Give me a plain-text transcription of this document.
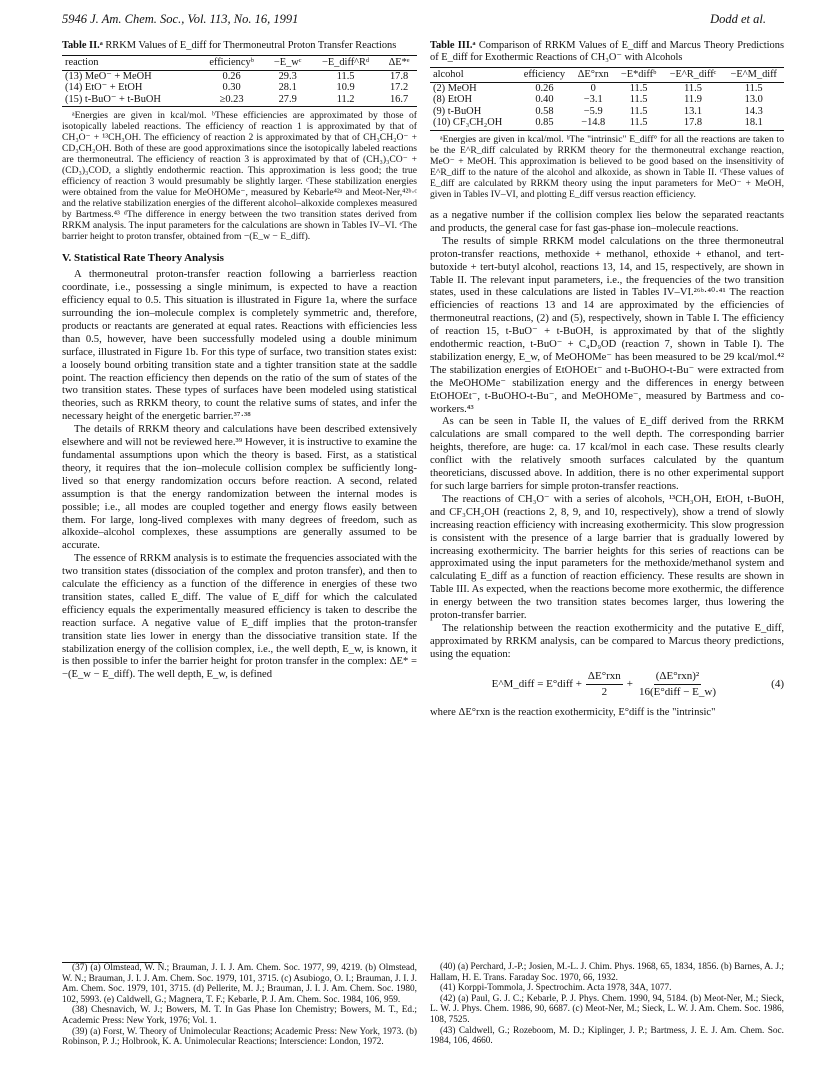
5946 J. Am. Chem. Soc., Vol. 113, No. 16, 1991	Dodd et al.
Table II.ᵃ RRKM Values of E_diff for Thermoneutral Proton Transfer Reactions
reaction	efficiencyᵇ	−E_wᶜ	−E_diff^Rᵈ	ΔE*ᵉ
(13) MeO⁻ + MeOH	0.26	29.3	11.5	17.8
(14) EtO⁻ + EtOH	0.30	28.1	10.9	17.2
(15) t-BuO⁻ + t-BuOH	≥0.23	27.9	11.2	16.7

ᵃEnergies are given in kcal/mol. ᵇThese efficiencies are approximated by those of isotopically labeled reactions. The efficiency of reaction 1 is approximated by that of CH₃O⁻ + ¹³CH₃OH. The efficiency of reaction 2 is approximated by that of CH₃CH₂O⁻ + CD₃CH₂OH. Both of these are good approximations since the isotopically labeled reactions are thermoneutral. The efficiency of reaction 3 is approximated by that of (CH₃)₃CO⁻ + (CD₃)₃COD, a slightly endothermic reaction. This approximation is less good; the true efficiency of reaction 3 would presumably be slightly larger. ᶜThese stabilization energies were obtained from the value for MeOHOMe⁻, measured by Kebarle⁴²ᵃ and Meot-Ner,⁴²ᵇ·ᶜ and the relative stabilization energies of the different alcohol–alkoxide complexes measured by Bartmess.⁴³ ᵈThe difference in energy between the two transition states derived from RRKM analysis. The input parameters for the calculations are shown in Tables IV–VI. ᵉThe barrier height to proton transfer, obtained from −(E_w − E_diff).

V. Statistical Rate Theory Analysis

A thermoneutral proton-transfer reaction following a barrierless reaction coordinate, i.e., possessing a single minimum, is expected to have a reaction efficiency equal to 0.5. This situation is illustrated in Figure 1a, where the surface surrounding the ion–molecule complex is completely symmetric and, therefore, products or reactants are generated at equal rates. Reactions with efficiencies less than 0.5, however, have been successfully modeled using a double minimum surface, illustrated in Figure 1b. For this type of surface, two transition states exist: a loosely bound orbiting transition state and a tighter transition state at the saddle point. The reaction efficiency then depends on the ratio of the sum of states of the two transition states. These types of surfaces have been modeled using statistical theories, such as RRKM theory, to count the relative sums of states, and infer the necessary height of the energetic barrier.³⁷·³⁸

The details of RRKM theory and calculations have been described extensively elsewhere and will not be reviewed here.³⁹ However, it is instructive to examine the fundamental assumptions upon which the theory is based. First, as a statistical theory, it requires that the ion–molecule collision complex be sufficiently long-lived so that energy randomization occurs before reaction. A second, related assumption is that the energy randomization between the internal modes is possible; i.e., all modes are coupled together and energy flows easily between them. For large, long-lived complexes with many degrees of freedom, such as alkoxide–alcohol complexes, these assumptions are generally assumed to be accurate.

The essence of RRKM analysis is to estimate the frequencies associated with the two transition states (dissociation of the complex and proton transfer), and then to calculate the efficiency as a function of the difference in energies of these two transition states, called E_diff. The value of E_diff for which the calculated efficiency equals the experimentally measured efficiency is taken to describe the reaction surface. A negative value of E_diff implies that the proton-transfer transition state lies lower in energy than the dissociative transition state. If the stabilization energy of the collision complex, i.e., the well depth, E_w, is known, it is then possible to infer the barrier height for proton transfer in the complex: ΔE* = −(E_w − E_diff). The well depth, E_w, is defined

Table III.ᵃ Comparison of RRKM Values of E_diff and Marcus Theory Predictions of E_diff for Exothermic Reactions of CH₃O⁻ with Alcohols
alcohol	efficiency	ΔE°rxn	−E*diffᵇ	−E^R_diffᶜ	−E^M_diff
(2) MeOH	0.26	0	11.5	11.5	11.5
(8) EtOH	0.40	−3.1	11.5	11.9	13.0
(9) t-BuOH	0.58	−5.9	11.5	13.1	14.3
(10) CF₃CH₂OH	0.85	−14.8	11.5	17.8	18.1

ᵃEnergies are given in kcal/mol. ᵇThe "intrinsic" E_diff° for all the reactions are taken to be the E^R_diff calculated by RRKM theory for the thermoneutral exchange reaction, MeO⁻ + MeOH. This approximation is believed to be good based on the insensitivity of E^R_diff to the nature of the alcohol and alkoxide, as shown in Table II. ᶜThese values of E_diff are calculated by RRKM theory using the input parameters for MeO⁻ + MeOH, given in Tables IV–VI, and plotting E_diff versus reaction efficiency.

as a negative number if the collision complex lies below the separated reactants and products, the general case for fast gas-phase ion–molecule reactions.

The results of simple RRKM model calculations on the three thermoneutral proton-transfer reactions, methoxide + methanol, ethoxide + ethanol, and tert-butoxide + tert-butyl alcohol, reactions 13, 14, and 15, respectively, are shown in Table II. The relevant input parameters, i.e., the frequencies of the two transition states, used in these calculations are listed in Tables IV–VI.²⁶ᵇ·⁴⁰·⁴¹ The reaction efficiencies of reactions 13 and 14 are approximated by the efficiencies of thermoneutral reactions, (2) and (5), respectively, shown in Table I. The efficiency of reaction 15, t-BuO⁻ + t-BuOH, is approximated by that of the slightly endothermic reaction, t-BuO⁻ + C₄D₉OD (reaction 7, shown in Table I). The stabilization energy, E_w, of MeOHOMe⁻ has been measured to be 29 kcal/mol.⁴² The stabilization energies of EtOHOEt⁻ and t-BuOHO-t-Bu⁻ were extracted from the MeOHOMe⁻ stabilization energy and the differences in energy between EtOHOEt⁻, t-BuOHO-t-Bu⁻, and MeOHOMe⁻, measured by Bartmess and co-workers.⁴³

As can be seen in Table II, the values of E_diff derived from the RRKM calculations are small compared to the well depth. The corresponding barrier heights, therefore, are huge: ca. 17 kcal/mol in each case. These results clearly conflict with the relatively smooth surfaces calculated by the quantum theoreticians, discussed above. In addition, there is no other experimental support for such large barriers for simple proton-transfer reactions.

The reactions of CH₃O⁻ with a series of alcohols, ¹³CH₃OH, EtOH, t-BuOH, and CF₃CH₂OH (reactions 2, 8, 9, and 10, respectively), show a trend of slowly increasing reaction efficiency with increasing exothermicity. This slow progression is consistent with the presence of a large barrier that is gradually lowered by increasing exothermicity. The barrier heights for this series of reactions can be approximated using the input parameters for the methoxide/methanol system and calculating E_diff as a function of reaction efficiency. These results are shown in Table III. As expected, when the reactions become more exothermic, the difference in energy between the two transition states becomes larger, thus lowering the proton-transfer barrier.

The relationship between the reaction exothermicity and the putative E_diff, approximated by RRKM analysis, can be compared to Marcus theory predictions, using the equation:

E^M_diff = E°diff + $\frac{\text{ΔE°rxn}}{2} + \frac{\text{(ΔE°rxn)²}}{\text{16(E°diff − E\_w)}}$	(4)

where ΔE°rxn is the reaction exothermicity, E°diff is the "intrinsic"

(37) (a) Olmstead, W. N.; Brauman, J. I. J. Am. Chem. Soc. 1977, 99, 4219. (b) Olmstead, W. N.; Brauman, J. I. J. Am. Chem. Soc. 1979, 101, 3715. (c) Asubiogo, O. I.; Brauman, J. I. J. Am. Chem. Soc. 1979, 101, 3715. (d) Pellerite, M. J.; Brauman, J. I. J. Am. Chem. Soc. 1980, 102, 5993. (e) Caldwell, G.; Magnera, T. F.; Kebarle, P. J. Am. Chem. Soc. 1984, 106, 959.

(38) Chesnavich, W. J.; Bowers, M. T. In Gas Phase Ion Chemistry; Bowers, M. T., Ed.; Academic Press: New York, 1976; Vol. 1.

(39) (a) Forst, W. Theory of Unimolecular Reactions; Academic Press: New York, 1973. (b) Robinson, P. J.; Holbrook, K. A. Unimolecular Reactions; Interscience: London, 1972.

(40) (a) Perchard, J.-P.; Josien, M.-L. J. Chim. Phys. 1968, 65, 1834, 1856. (b) Barnes, A. J.; Hallam, H. E. Trans. Faraday Soc. 1970, 66, 1932.

(41) Korppi-Tommola, J. Spectrochim. Acta 1978, 34A, 1077.

(42) (a) Paul, G. J. C.; Kebarle, P. J. Phys. Chem. 1990, 94, 5184. (b) Meot-Ner, M.; Sieck, L. W. J. Phys. Chem. 1986, 90, 6687. (c) Meot-Ner, M.; Sieck, L. W. J. Am. Chem. Soc. 1986, 108, 7525.

(43) Caldwell, G.; Rozeboom, M. D.; Kiplinger, J. P.; Bartmess, J. E. J. Am. Chem. Soc. 1984, 106, 4660.
